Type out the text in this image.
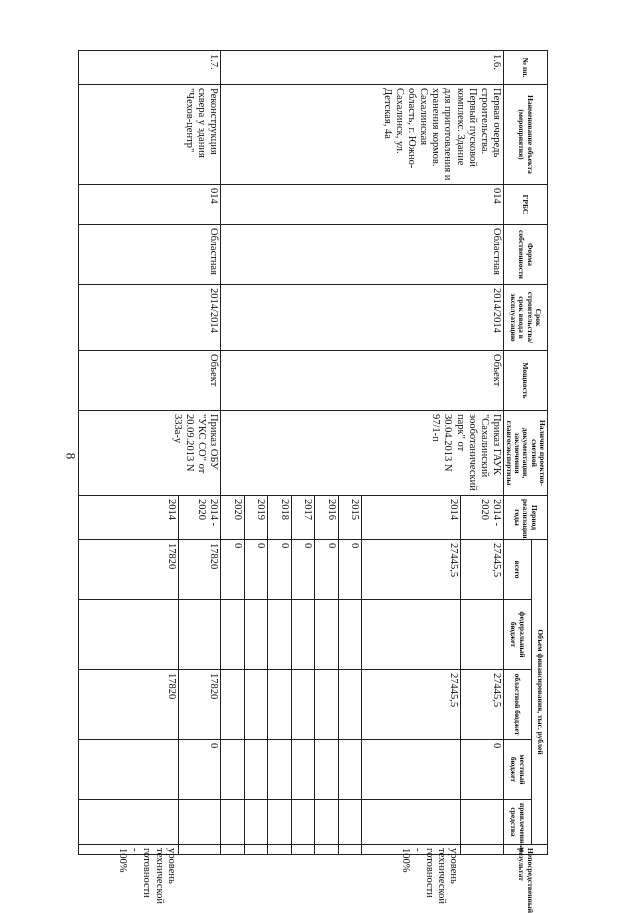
8
№ пп.	Наименование объекта (мероприятия)	ГРБС	Форма собственности	Срок строительства/срок ввода в эксплуатацию	Мощность	Наличие проектно-сметной документации, заключения главгосэкспертизы	Период реализации, годы	Объем финансирования, тыс. рублей					Непосредственный результат
								всего	федеральный бюджет	областной бюджет	местный бюджет	привлеченные средства	
1.6.	Первая очередь строительства. Первый пусковой комплекс. Здание для приготовления и хранения кормов. Сахалинская область, г. Южно-Сахалинск, ул. Детская, 4а	014	Областная	2014/2014	Объект	Приказ ГАУК "Сахалинский зооботанический парк" от 30.04.2013 N 97/1-п	2014 - 2020	27445,5		27445,5	0		
							2014	27445,5		27445,5			уровень технической готовности - 100%
							2015	0					
							2016	0					
							2017	0					
							2018	0					
							2019	0					
							2020	0					
1.7.	Реконструкция сквера у здания "Чехов-центр"	014	Областная	2014/2014	Объект	Приказ ОБУ "УКС СО" от 20.09.2013 N 333а-у	2014 - 2020	17820		17820	0		
							2014	17820		17820			уровень технической готовности - 100%
